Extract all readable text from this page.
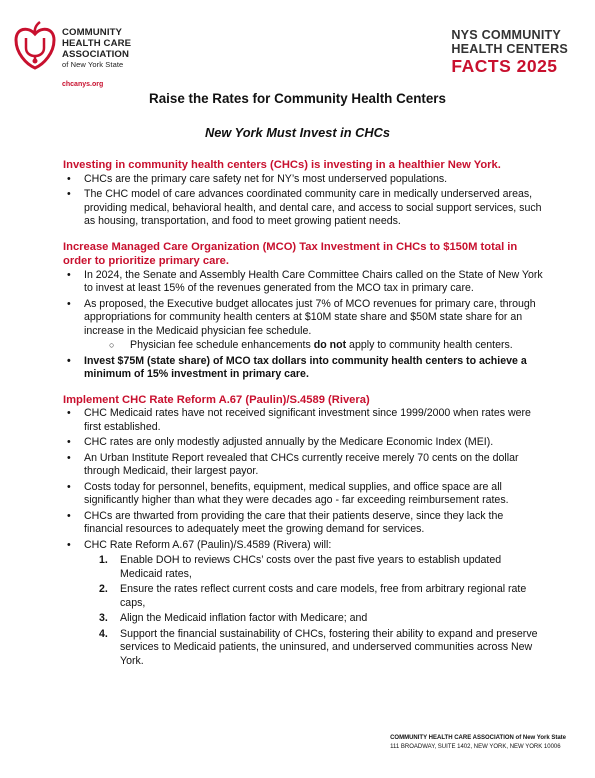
COMMUNITY
HEALTH CARE
ASSOCIATION
of New York State
chcanys.org
NYS COMMUNITY
HEALTH CENTERS
FACTS 2025
Raise the Rates for Community Health Centers
New York Must Invest in CHCs

Investing in community health centers (CHCs) is investing in a healthier New York.

• CHCs are the primary care safety net for NY’s most underserved populations.
• The CHC model of care advances coordinated community care in medically underserved areas, providing medical, behavioral health, and dental care, and access to social support services, such as housing, transportation, and food to meet growing patient needs.

Increase Managed Care Organization (MCO) Tax Investment in CHCs to $150M total in order to prioritize primary care.

• In 2024, the Senate and Assembly Health Care Committee Chairs called on the State of New York to invest at least 15% of the revenues generated from the MCO tax in primary care.
• As proposed, the Executive budget allocates just 7% of MCO revenues for primary care, through appropriations for community health centers at $10M state share and $50M state share for an increase in the Medicaid physician fee schedule.
○ Physician fee schedule enhancements do not apply to community health centers.
• Invest $75M (state share) of MCO tax dollars into community health centers to achieve a minimum of 15% investment in primary care.

Implement CHC Rate Reform A.67 (Paulin)/S.4589 (Rivera)

• CHC Medicaid rates have not received significant investment since 1999/2000 when rates were first established.
• CHC rates are only modestly adjusted annually by the Medicare Economic Index (MEI).
• An Urban Institute Report revealed that CHCs currently receive merely 70 cents on the dollar through Medicaid, their largest payor.
• Costs today for personnel, benefits, equipment, medical supplies, and office space are all significantly higher than what they were decades ago - far exceeding reimbursement rates.
• CHCs are thwarted from providing the care that their patients deserve, since they lack the financial resources to adequately meet the growing demand for services.
• CHC Rate Reform A.67 (Paulin)/S.4589 (Rivera) will:
1. Enable DOH to reviews CHCs’ costs over the past five years to establish updated Medicaid rates,
2. Ensure the rates reflect current costs and care models, free from arbitrary regional rate caps,
3. Align the Medicaid inflation factor with Medicare; and
4. Support the financial sustainability of CHCs, fostering their ability to expand and preserve services to Medicaid patients, the uninsured, and underserved communities across New York.
COMMUNITY HEALTH CARE ASSOCIATION of New York State
111 BROADWAY, SUITE 1402, NEW YORK, NEW YORK 10006
